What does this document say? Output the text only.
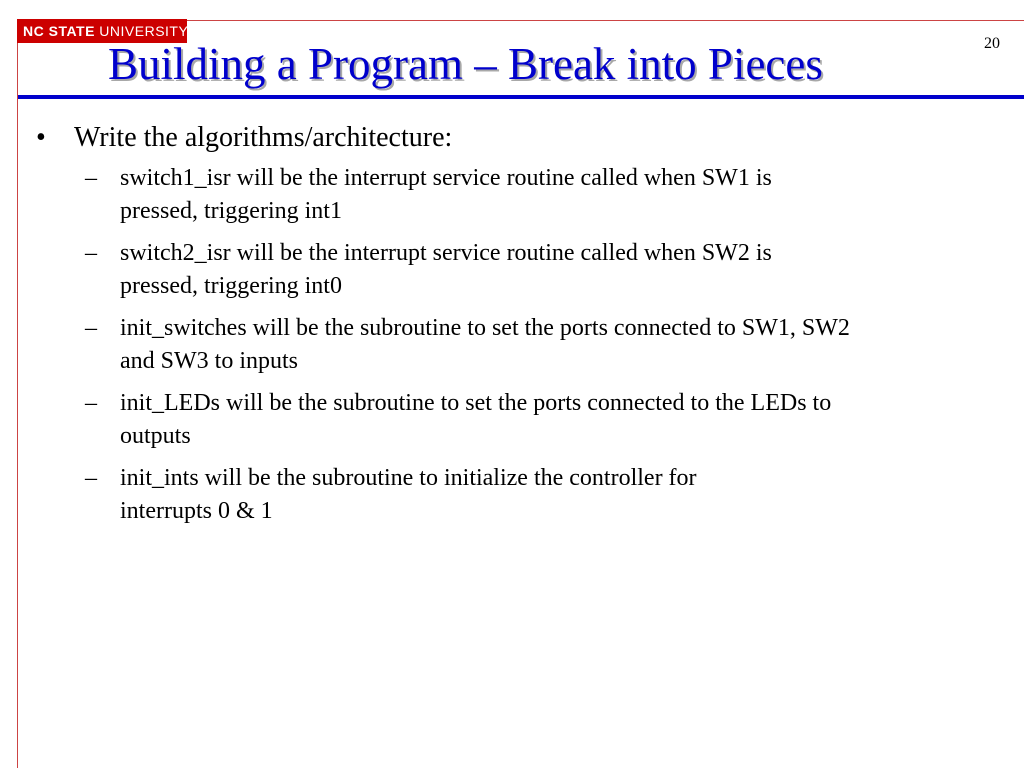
NC STATE UNIVERSITY
20
Building a Program – Break into Pieces
•	Write the algorithms/architecture:
– switch1_isr will be the interrupt service routine called when SW1 is
pressed, triggering int1
– switch2_isr will be the interrupt service routine called when SW2 is
pressed, triggering int0
– init_switches will be the subroutine to set the ports connected to SW1, SW2
and SW3 to inputs
– init_LEDs will be the subroutine to set the ports connected to the LEDs to
outputs
– init_ints will be the subroutine to initialize the controller for
interrupts 0 & 1
